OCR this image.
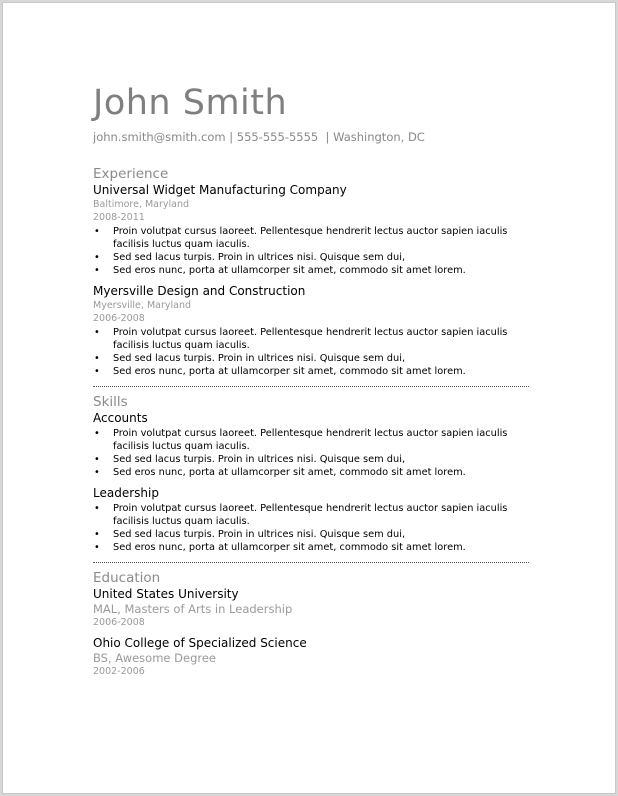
John Smith
john.smith@smith.com | 555-555-5555  | Washington, DC
Experience
Universal Widget Manufacturing Company
Baltimore, Maryland
2008-2011
• Proin volutpat cursus laoreet. Pellentesque hendrerit lectus auctor sapien iaculis facilisis luctus quam iaculis.
• Sed sed lacus turpis. Proin in ultrices nisi. Quisque sem dui,
• Sed eros nunc, porta at ullamcorper sit amet, commodo sit amet lorem.
Myersville Design and Construction
Myersville, Maryland
2006-2008
• Proin volutpat cursus laoreet. Pellentesque hendrerit lectus auctor sapien iaculis facilisis luctus quam iaculis.
• Sed sed lacus turpis. Proin in ultrices nisi. Quisque sem dui,
• Sed eros nunc, porta at ullamcorper sit amet, commodo sit amet lorem.
Skills
Accounts
• Proin volutpat cursus laoreet. Pellentesque hendrerit lectus auctor sapien iaculis facilisis luctus quam iaculis.
• Sed sed lacus turpis. Proin in ultrices nisi. Quisque sem dui,
• Sed eros nunc, porta at ullamcorper sit amet, commodo sit amet lorem.
Leadership
• Proin volutpat cursus laoreet. Pellentesque hendrerit lectus auctor sapien iaculis facilisis luctus quam iaculis.
• Sed sed lacus turpis. Proin in ultrices nisi. Quisque sem dui,
• Sed eros nunc, porta at ullamcorper sit amet, commodo sit amet lorem.
Education
United States University
MAL, Masters of Arts in Leadership
2006-2008
Ohio College of Specialized Science
BS, Awesome Degree
2002-2006
